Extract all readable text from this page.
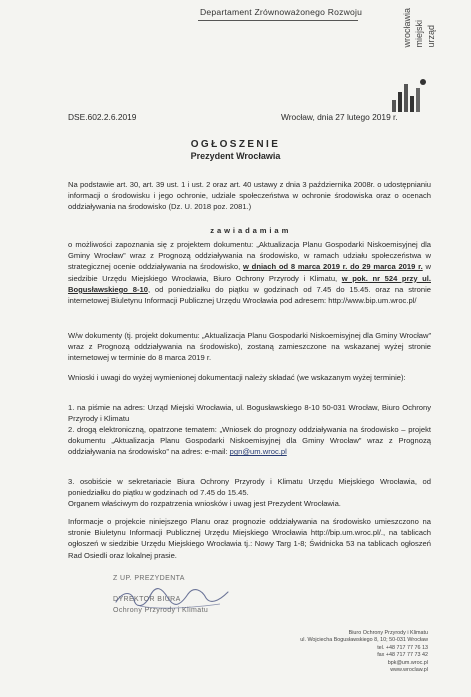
Departament Zrównoważonego Rozwoju
urząd
miejski
wrocławia
DSE.602.2.6.2019	Wrocław, dnia 27 lutego 2019 r.
OGŁOSZENIE
Prezydent Wrocławia
Na podstawie art. 30, art. 39 ust. 1 i ust. 2 oraz art. 40 ustawy z dnia 3 października 2008r. o udostępnianiu informacji o środowisku i jego ochronie, udziale społeczeństwa w ochronie środowiska oraz o ocenach oddziaływania na środowisko (Dz. U. 2018 poz. 2081.)
z a w i a d a m i a m
o możliwości zapoznania się z projektem dokumentu: „Aktualizacja Planu Gospodarki Niskoemisyjnej dla Gminy Wrocław” wraz z Prognozą oddziaływania na środowisko, w ramach udziału społeczeństwa w strategicznej ocenie oddziaływania na środowisko, w dniach od 8 marca 2019 r. do 29 marca 2019 r. w siedzibie Urzędu Miejskiego Wrocławia, Biuro Ochrony Przyrody i Klimatu, w pok. nr 524 przy ul. Bogusławskiego 8-10, od poniedziałku do piątku w godzinach od 7.45 do 15.45. oraz na stronie internetowej Biuletynu Informacji Publicznej Urzędu Wrocławia pod adresem: http://www.bip.um.wroc.pl/
W/w dokumenty (tj. projekt dokumentu: „Aktualizacja Planu Gospodarki Niskoemisyjnej dla Gminy Wrocław” wraz z Prognozą oddziaływania na środowisko), zostaną zamieszczone na wskazanej wyżej stronie internetowej w terminie do 8 marca 2019 r.
Wnioski i uwagi do wyżej wymienionej dokumentacji należy składać (we wskazanym wyżej terminie):
1. na piśmie na adres: Urząd Miejski Wrocławia, ul. Bogusławskiego 8-10 50-031 Wrocław, Biuro Ochrony Przyrody i Klimatu
2. drogą elektroniczną, opatrzone tematem: „Wniosek do prognozy oddziaływania na środowisko – projekt dokumentu „Aktualizacja Planu Gospodarki Niskoemisyjnej dla Gminy Wrocław” wraz z Prognozą oddziaływania na środowisko” na adres: e-mail: pgn@um.wroc.pl
3. osobiście w sekretariacie Biura Ochrony Przyrody i Klimatu Urzędu Miejskiego Wrocławia, od poniedziałku do piątku w godzinach od 7.45 do 15.45.
Organem właściwym do rozpatrzenia wniosków i uwag jest Prezydent Wrocławia.
Informacje o projekcie niniejszego Planu oraz prognozie oddziaływania na środowisko umieszczono na stronie Biuletynu Informacji Publicznej Urzędu Miejskiego Wrocławia http://bip.um.wroc.pl/., na tablicach ogłoszeń w siedzibie Urzędu Miejskiego Wrocławia tj.: Nowy Targ 1-8; Świdnicka 53 na tablicach ogłoszeń Rad Osiedli oraz lokalnej prasie.
Z UP. PREZYDENTA
DYREKTOR BIURA
Ochrony Przyrody i Klimatu
Biuro Ochrony Przyrody i Klimatu
ul. Wojciecha Bogusławskiego 8, 10; 50-031 Wrocław
tel. +48 717 77 76 13
fax +48 717 77 73 42
bpk@um.wroc.pl
www.wroclaw.pl
